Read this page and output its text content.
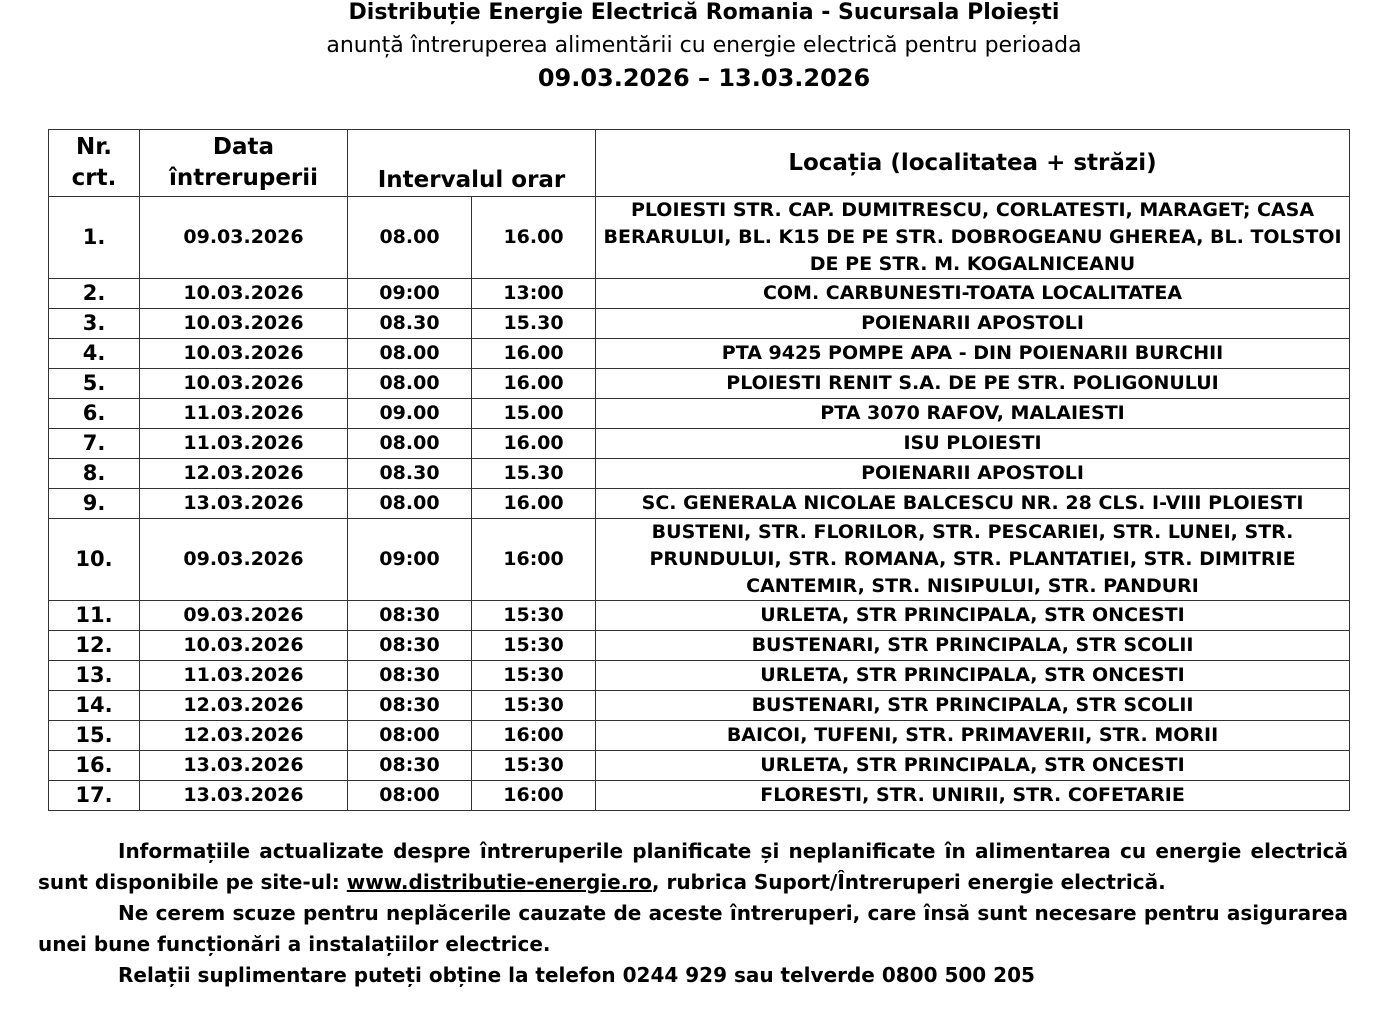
Distribuție Energie Electrică Romania - Sucursala Ploiești
anunță întreruperea alimentării cu energie electrică pentru perioada
09.03.2026 – 13.03.2026
Nr. crt.	Data întreruperii	Intervalul orar		Locația (localitatea + străzi)
1.	09.03.2026	08.00	16.00	PLOIESTI STR. CAP. DUMITRESCU, CORLATESTI, MARAGET; CASA BERARULUI, BL. K15 DE PE STR. DOBROGEANU GHEREA, BL. TOLSTOI DE PE STR. M. KOGALNICEANU
2.	10.03.2026	09:00	13:00	COM. CARBUNESTI-TOATA LOCALITATEA
3.	10.03.2026	08.30	15.30	POIENARII APOSTOLI
4.	10.03.2026	08.00	16.00	PTA 9425 POMPE APA - DIN POIENARII BURCHII
5.	10.03.2026	08.00	16.00	PLOIESTI RENIT S.A. DE PE STR. POLIGONULUI
6.	11.03.2026	09.00	15.00	PTA 3070 RAFOV, MALAIESTI
7.	11.03.2026	08.00	16.00	ISU PLOIESTI
8.	12.03.2026	08.30	15.30	POIENARII APOSTOLI
9.	13.03.2026	08.00	16.00	SC. GENERALA NICOLAE BALCESCU NR. 28 CLS. I-VIII PLOIESTI
10.	09.03.2026	09:00	16:00	BUSTENI, STR. FLORILOR, STR. PESCARIEI, STR. LUNEI, STR. PRUNDULUI, STR. ROMANA, STR. PLANTATIEI, STR. DIMITRIE CANTEMIR, STR. NISIPULUI, STR. PANDURI
11.	09.03.2026	08:30	15:30	URLETA, STR PRINCIPALA, STR ONCESTI
12.	10.03.2026	08:30	15:30	BUSTENARI, STR PRINCIPALA, STR SCOLII
13.	11.03.2026	08:30	15:30	URLETA, STR PRINCIPALA, STR ONCESTI
14.	12.03.2026	08:30	15:30	BUSTENARI, STR PRINCIPALA, STR SCOLII
15.	12.03.2026	08:00	16:00	BAICOI, TUFENI, STR. PRIMAVERII, STR. MORII
16.	13.03.2026	08:30	15:30	URLETA, STR PRINCIPALA, STR ONCESTI
17.	13.03.2026	08:00	16:00	FLORESTI, STR. UNIRII, STR. COFETARIE

Informațiile actualizate despre întreruperile planificate și neplanificate în alimentarea cu energie electrică sunt disponibile pe site-ul: www.distributie-energie.ro, rubrica Suport/Întreruperi energie electrică.

Ne cerem scuze pentru neplăcerile cauzate de aceste întreruperi, care însă sunt necesare pentru asigurarea unei bune funcționări a instalațiilor electrice.

Relații suplimentare puteți obține la telefon 0244 929 sau telverde 0800 500 205
